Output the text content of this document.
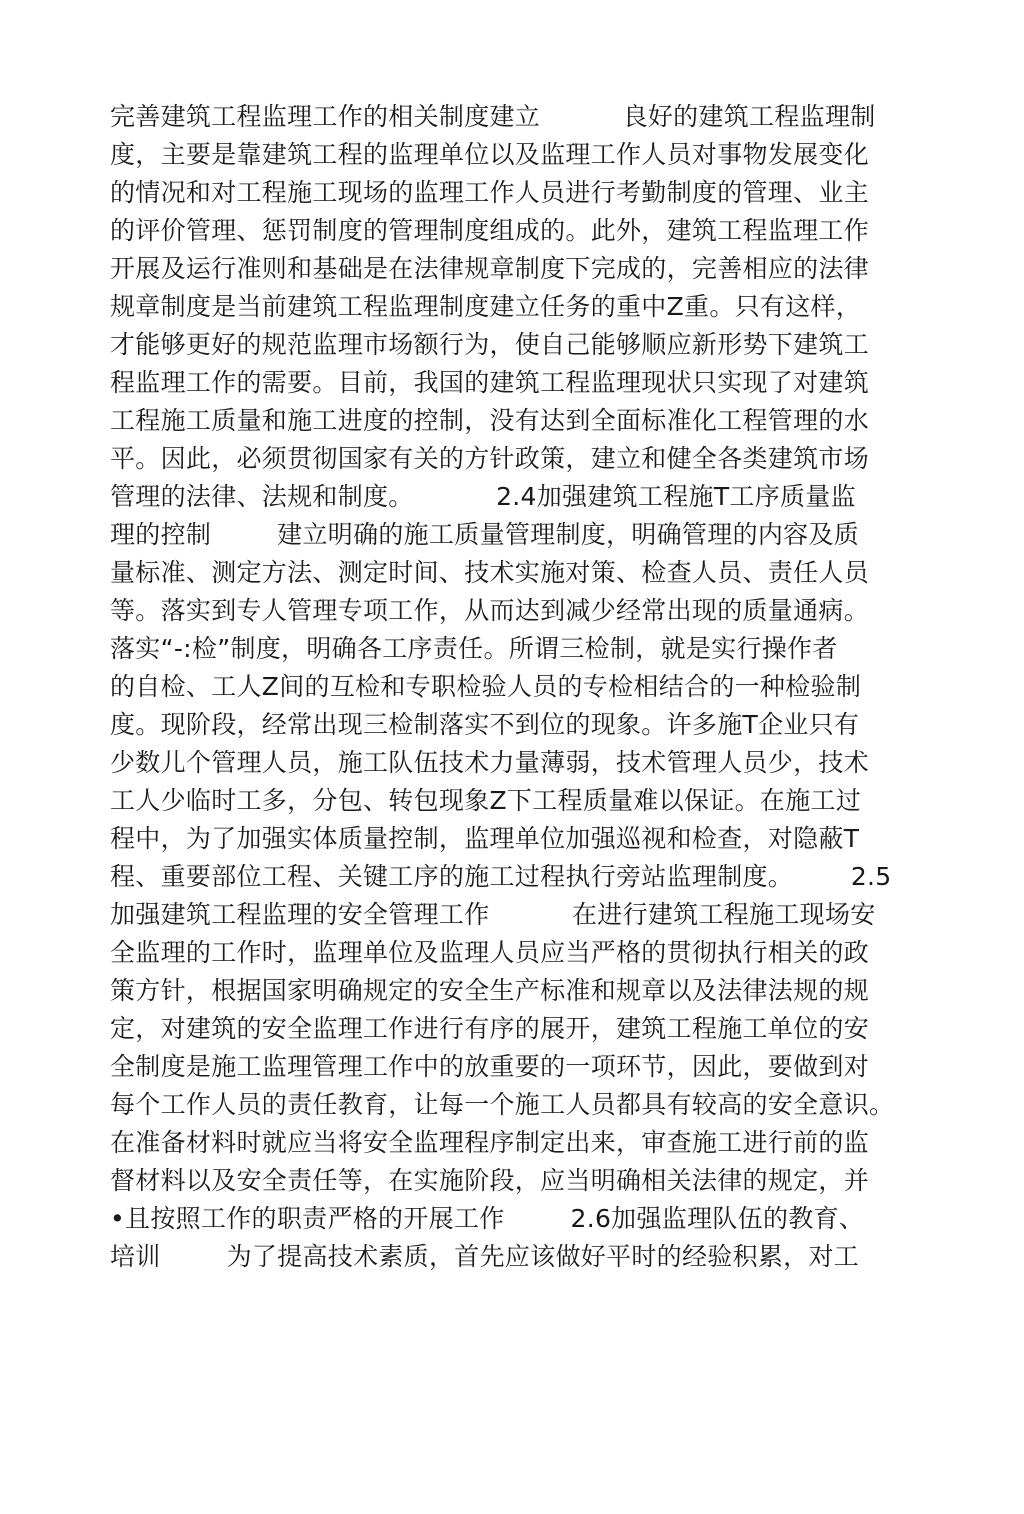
完善建筑工程监理工作的相关制度建立          良好的建筑工程监理制
度，主要是靠建筑工程的监理单位以及监理工作人员对事物发展变化
的情况和对工程施工现场的监理工作人员进行考勤制度的管理、业主
的评价管理、惩罚制度的管理制度组成的。此外，建筑工程监理工作
开展及运行准则和基础是在法律规章制度下完成的，完善相应的法律
规章制度是当前建筑工程监理制度建立任务的重中Z重。只有这样，
才能够更好的规范监理市场额行为，使自己能够顺应新形势下建筑工
程监理工作的需要。目前，我国的建筑工程监理现状只实现了对建筑
工程施工质量和施工进度的控制，没有达到全面标准化工程管理的水
平。因此，必须贯彻国家有关的方针政策，建立和健全各类建筑市场
管理的法律、法规和制度。          2.4加强建筑工程施T工序质量监
理的控制        建立明确的施工质量管理制度，明确管理的内容及质
量标准、测定方法、测定时间、技术实施对策、检查人员、责任人员
等。落实到专人管理专项工作，从而达到减少经常出现的质量通病。
落实“-:检”制度，明确各工序责任。所谓三检制，就是实行操作者
的自检、工人Z间的互检和专职检验人员的专检相结合的一种检验制
度。现阶段，经常出现三检制落实不到位的现象。许多施T企业只有
少数儿个管理人员，施工队伍技术力量薄弱，技术管理人员少，技术
工人少临时工多，分包、转包现象Z下工程质量难以保证。在施工过
程中，为了加强实体质量控制，监理单位加强巡视和检查，对隐蔽T
程、重要部位工程、关键工序的施工过程执行旁站监理制度。       2.5
加强建筑工程监理的安全管理工作          在进行建筑工程施工现场安
全监理的工作时，监理单位及监理人员应当严格的贯彻执行相关的政
策方针，根据国家明确规定的安全生产标准和规章以及法律法规的规
定，对建筑的安全监理工作进行有序的展开，建筑工程施工单位的安
全制度是施工监理管理工作中的放重要的一项环节，因此，要做到对
每个工作人员的责任教育，让每一个施工人员都具有较高的安全意识。
在准备材料时就应当将安全监理程序制定出来，审查施工进行前的监
督材料以及安全责任等，在实施阶段，应当明确相关法律的规定，并
•且按照工作的职责严格的开展工作        2.6加强监理队伍的教育、
培训        为了提高技术素质，首先应该做好平时的经验积累，对工
